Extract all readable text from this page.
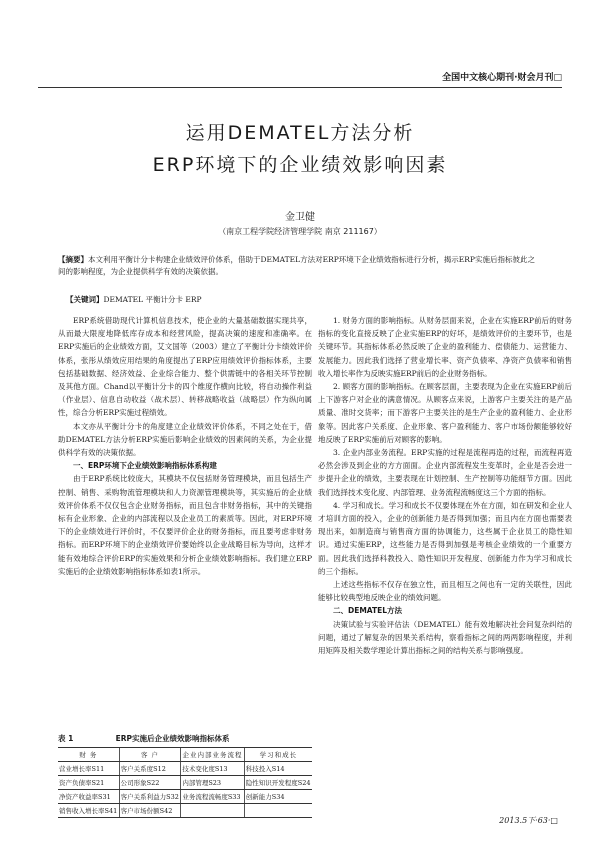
全国中文核心期刊·财会月刊□
运用DEMATEL方法分析
ERP环境下的企业绩效影响因素
金卫健
（南京工程学院经济管理学院 南京 211167）
【摘要】本文利用平衡计分卡构建企业绩效评价体系，借助于DEMATEL方法对ERP环境下企业绩效指标进行分析，揭示ERP实施后指标彼此之间的影响程度，为企业提供科学有效的决策依据。
【关键词】DEMATEL 平衡计分卡 ERP

ERP系统借助现代计算机信息技术，使企业的大量基础数据实现共享，从而最大限度地降低库存成本和经营风险，提高决策的速度和准确率。在ERP实施后的企业绩效方面，艾文国等（2003）建立了平衡计分卡绩效评价体系，张彤从绩效应用结果的角度提出了ERP应用绩效评价指标体系，主要包括基础数据、经济效益、企业综合能力、整个供需链中的各相关环节控制及其他方面。Chand以平衡计分卡的四个维度作横向比较，将自动操作利益（作业层）、信息自动收益（战术层）、转移战略收益（战略层）作为纵向属性，综合分析ERP实施过程绩效。

本文亦从平衡计分卡的角度建立企业绩效评价体系，不同之处在于，借助DEMATEL方法分析ERP实施后影响企业绩效的因素间的关系，为企业提供科学有效的决策依据。

一、ERP环境下企业绩效影响指标体系构建

由于ERP系统比较庞大，其模块不仅包括财务管理模块，而且包括生产控制、销售、采购物流管理模块和人力资源管理模块等，其实施后的企业绩效评价体系不仅仅包含企业财务指标，而且包含非财务指标，其中的关键指标有企业形象、企业的内部流程以及企业员工的素质等。因此，对ERP环境下的企业绩效进行评价时，不仅要评价企业的财务指标，而且要考虑非财务指标。而ERP环境下的企业绩效评价要始终以企业战略目标为导向，这样才能有效地综合评价ERP的实施效果和分析企业绩效影响指标。我们建立ERP实施后的企业绩效影响指标体系如表1所示。

表 1	ERP实施后企业绩效影响指标体系
财 务	客 户	企业内部业务流程	学习和成长
营业增长率S11	客户关系度S12	技术变化度S13	科技投入S14
资产负债率S21	公司形象S22	内部管理S23	隐性知识开发程度S24
净资产收益率S31	客户关系利益力S32	业务流程流畅度S33	创新能力S34
销售收入增长率S41	客户市场份额S42		

1. 财务方面的影响指标。从财务层面来说，企业在实施ERP前后的财务指标的变化直接反映了企业实施ERP的好坏，是绩效评价的主要环节，也是关键环节。其指标体系必然反映了企业的盈利能力、偿债能力、运营能力、发展能力。因此我们选择了营业增长率、资产负债率、净资产负债率和销售收入增长率作为反映实施ERP前后的企业财务指标。

2. 顾客方面的影响指标。在顾客层面，主要表现为企业在实施ERP前后上下游客户对企业的满意情况。从顾客点来说，上游客户主要关注的是产品质量、准时交货率；而下游客户主要关注的是生产企业的盈利能力、企业形象等。因此客户关系度、企业形象、客户盈利能力、客户市场份额能够较好地反映了ERP实施前后对顾客的影响。

3. 企业内部业务流程。ERP实施的过程是流程再造的过程，而流程再造必然会涉及到企业的方方面面。企业内部流程发生变革时，企业是否会进一步提升企业的绩效，主要表现在计划控制、生产控制等功能细节方面。因此我们选择技术变化度、内部管理、业务流程流畅度这三个方面的指标。

4. 学习和成长。学习和成长不仅要体现在外在方面，如在研发和企业人才培训方面的投入，企业的创新能力是否得到加强；而且内在方面也需要表现出来，如制造商与销售商方面的协调能力，这些属于企业员工的隐性知识。通过实施ERP，这些能力是否得到加强是考核企业绩效的一个重要方面。因此我们选择科教投入、隐性知识开发程度、创新能力作为学习和成长的三个指标。

上述这些指标不仅存在独立性，而且相互之间也有一定的关联性，因此能够比较典型地反映企业的绩效问题。

二、DEMATEL方法

决策试验与实验评估法（DEMATEL）能有效地解决社会问复杂纠结的问题，通过了解复杂的因果关系结构，察看指标之间的两两影响程度，并利用矩阵及相关数学理论计算出指标之间的结构关系与影响强度。

2013.5下·63·□
